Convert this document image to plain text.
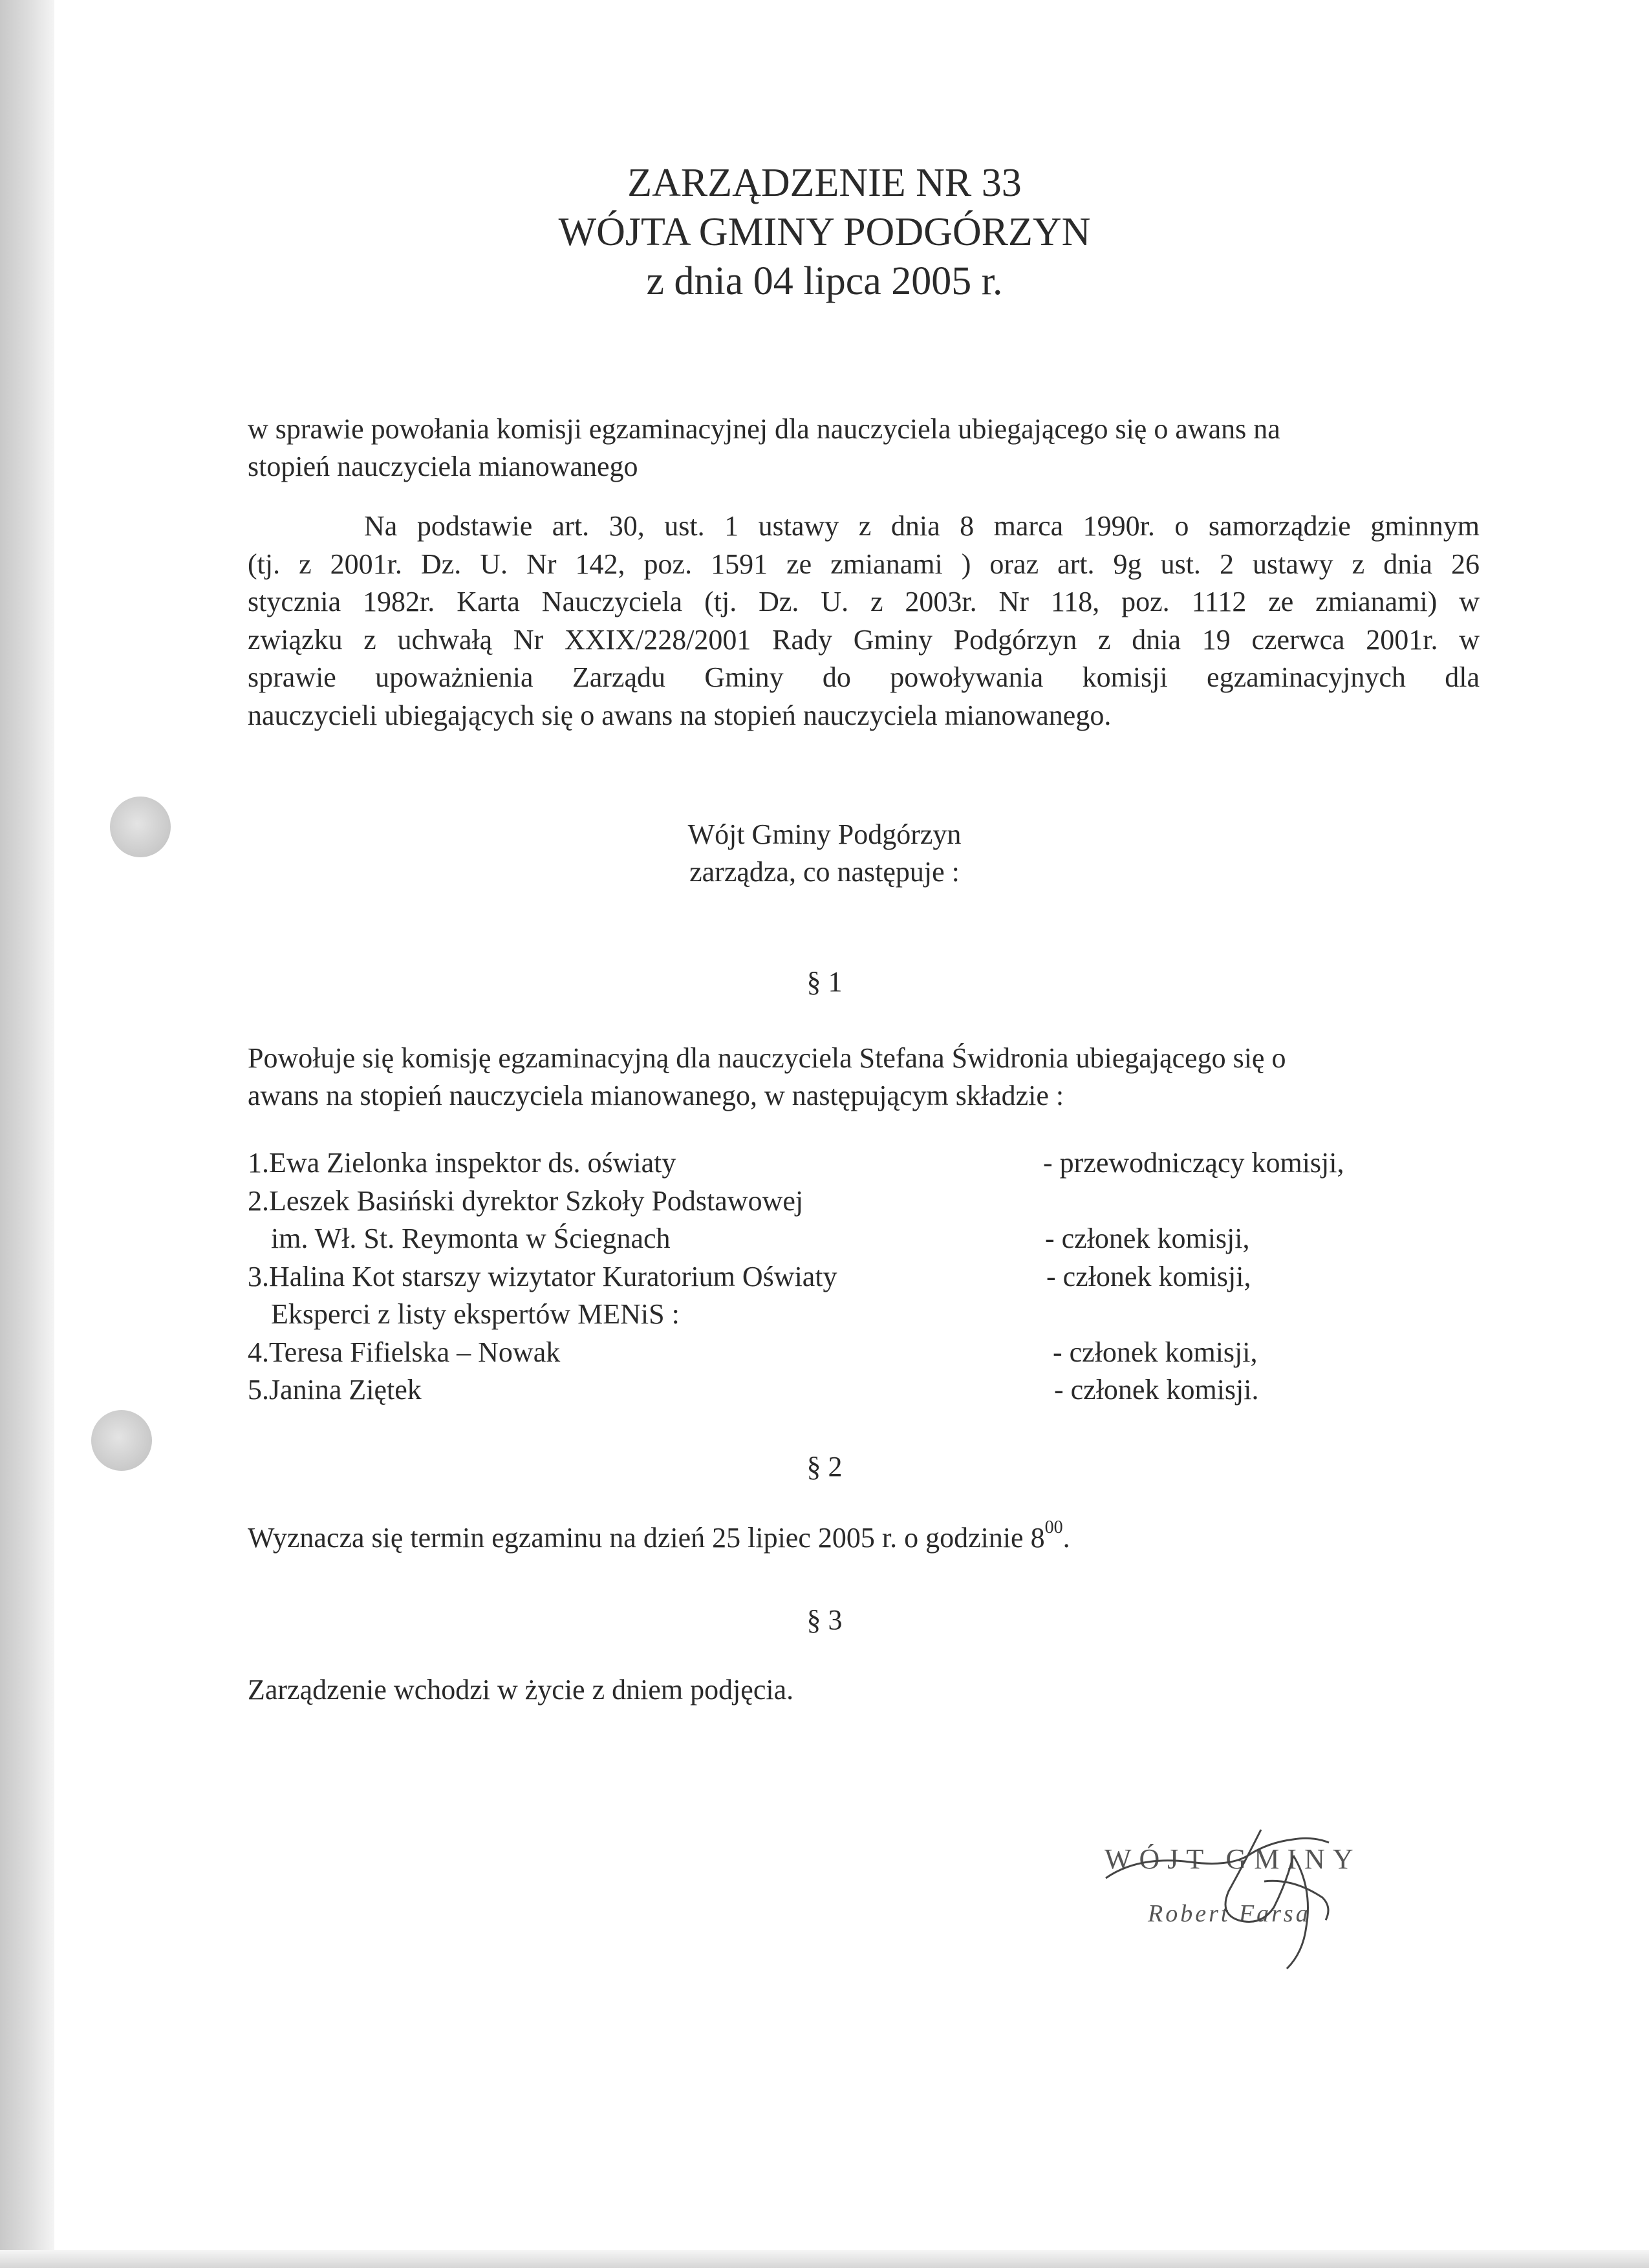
ZARZĄDZENIE NR 33
WÓJTA GMINY PODGÓRZYN
z dnia 04 lipca 2005 r.
w sprawie powołania komisji egzaminacyjnej dla nauczyciela ubiegającego się o awans na
stopień nauczyciela mianowanego
Na podstawie art. 30, ust. 1 ustawy z dnia 8 marca 1990r. o samorządzie gminnym
(tj. z 2001r. Dz. U. Nr 142, poz. 1591 ze zmianami ) oraz art. 9g ust. 2 ustawy z dnia 26
stycznia 1982r. Karta Nauczyciela (tj. Dz. U. z 2003r. Nr 118, poz. 1112 ze zmianami) w
związku z uchwałą Nr XXIX/228/2001 Rady Gminy Podgórzyn z dnia 19 czerwca 2001r. w
sprawie upoważnienia Zarządu Gminy do powoływania komisji egzaminacyjnych dla
nauczycieli ubiegających się o awans na stopień nauczyciela mianowanego.
Wójt Gminy Podgórzyn
zarządza, co następuje :
§ 1
Powołuje się komisję egzaminacyjną dla nauczyciela Stefana Świdronia ubiegającego się o
awans na stopień nauczyciela mianowanego, w następującym składzie :
1.Ewa Zielonka inspektor ds. oświaty	- przewodniczący komisji,
2.Leszek Basiński dyrektor Szkoły Podstawowej
im. Wł. St. Reymonta w Ściegnach	- członek komisji,
3.Halina Kot starszy wizytator Kuratorium Oświaty	- członek komisji,
Eksperci z listy ekspertów MENiS :
4.Teresa Fifielska – Nowak	- członek komisji,
5.Janina Ziętek	- członek komisji.
§ 2
Wyznacza się termin egzaminu na dzień 25 lipiec 2005 r. o godzinie $8^{00}$.
§ 3
Zarządzenie wchodzi w życie z dniem podjęcia.
WÓJT GMINY
Robert Farsa
